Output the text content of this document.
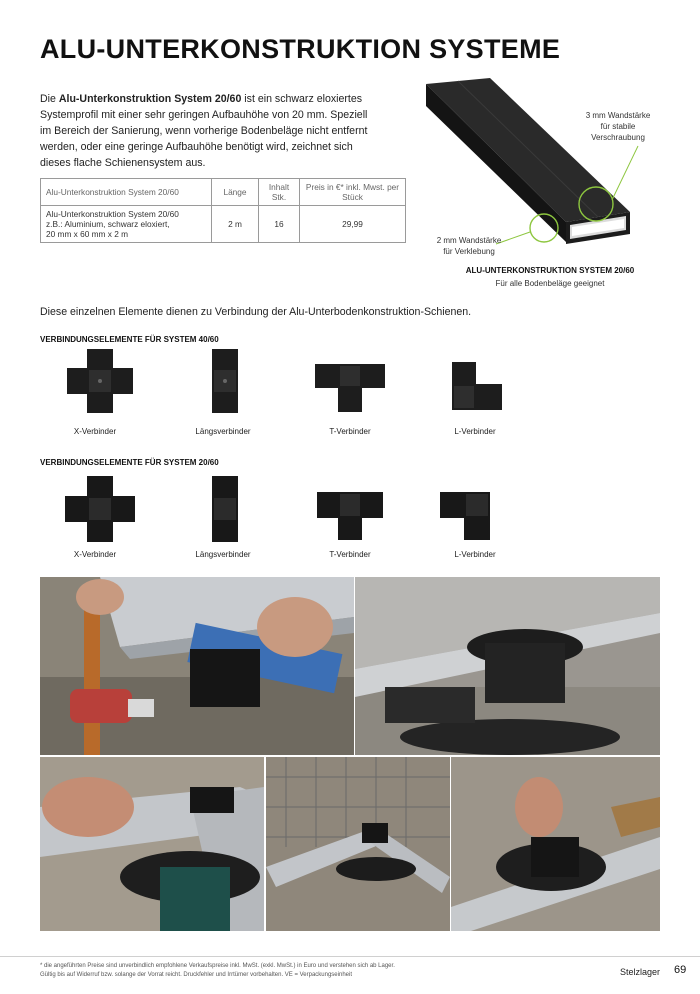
ALU-UNTERKONSTRUKTION SYSTEME
Die Alu-Unterkonstruktion System 20/60 ist ein schwarz eloxiertes Systemprofil mit einer sehr geringen Aufbauhöhe von 20 mm. Speziell im Bereich der Sanierung, wenn vorherige Bodenbeläge nicht entfernt werden, oder eine geringe Aufbauhöhe benötigt wird, zeichnet sich dieses flache Schienensystem aus.
Alu-Unterkonstruktion System 20/60	Länge	Inhalt Stk.	Preis in €* inkl. Mwst. per Stück

Alu-Unterkonstruktion System 20/60
z.B.: Aluminium, schwarz eloxiert,
20 mm x 60 mm x 2 m	2 m	16	29,99
3 mm Wandstärke
für stabile
Verschraubung
2 mm Wandstärke
für Verklebung
ALU-UNTERKONSTRUKTION SYSTEM 20/60
Für alle Bodenbeläge geeignet
Diese einzelnen Elemente dienen zu Verbindung der Alu-Unterbodenkonstruktion-Schienen.
VERBINDUNGSELEMENTE FÜR SYSTEM 40/60
X-Verbinder	Längsverbinder	T-Verbinder	L-Verbinder
VERBINDUNGSELEMENTE FÜR SYSTEM 20/60
X-Verbinder	Längsverbinder	T-Verbinder	L-Verbinder
* die angeführten Preise sind unverbindlich empfohlene Verkaufspreise inkl. MwSt. (exkl. MwSt.) in Euro und verstehen sich ab Lager.
Gültig bis auf Widerruf bzw. solange der Vorrat reicht. Druckfehler und Irrtümer vorbehalten. VE = Verpackungseinheit	Stelzlager 69
